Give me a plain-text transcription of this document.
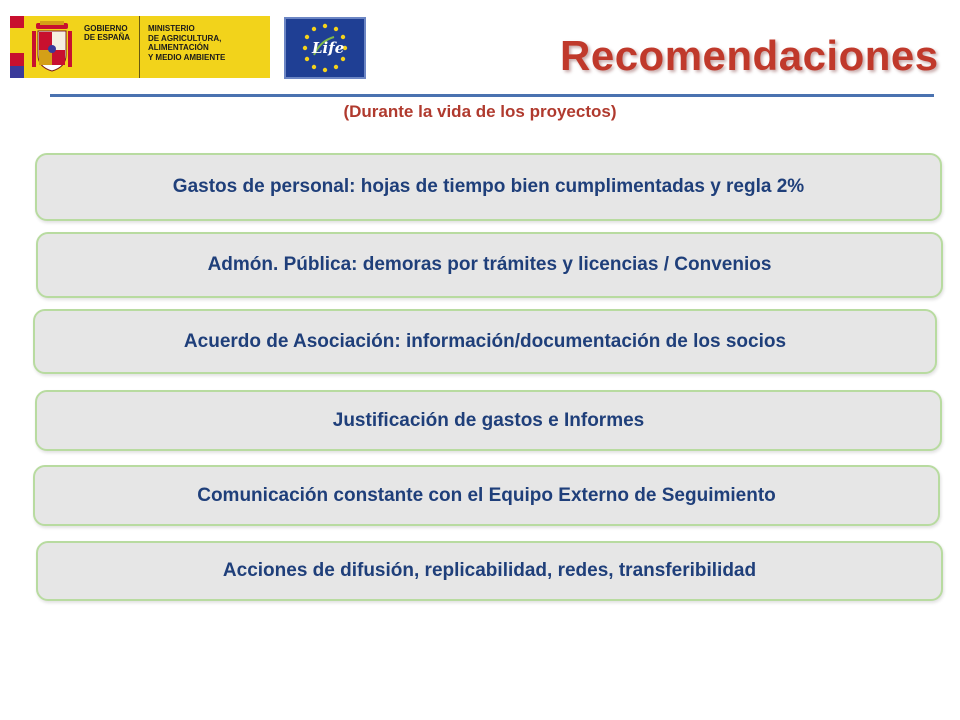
GOBIERNO
DE ESPAÑA
MINISTERIO
DE AGRICULTURA, ALIMENTACIÓN
Y MEDIO AMBIENTE
Life	Recomendaciones
(Durante la vida de los proyectos)
Gastos de personal: hojas de tiempo bien cumplimentadas y regla 2%
Admón. Pública: demoras por trámites y licencias / Convenios
Acuerdo de Asociación: información/documentación de los socios
Justificación de gastos e Informes
Comunicación constante con el Equipo Externo de Seguimiento
Acciones de difusión, replicabilidad, redes, transferibilidad
